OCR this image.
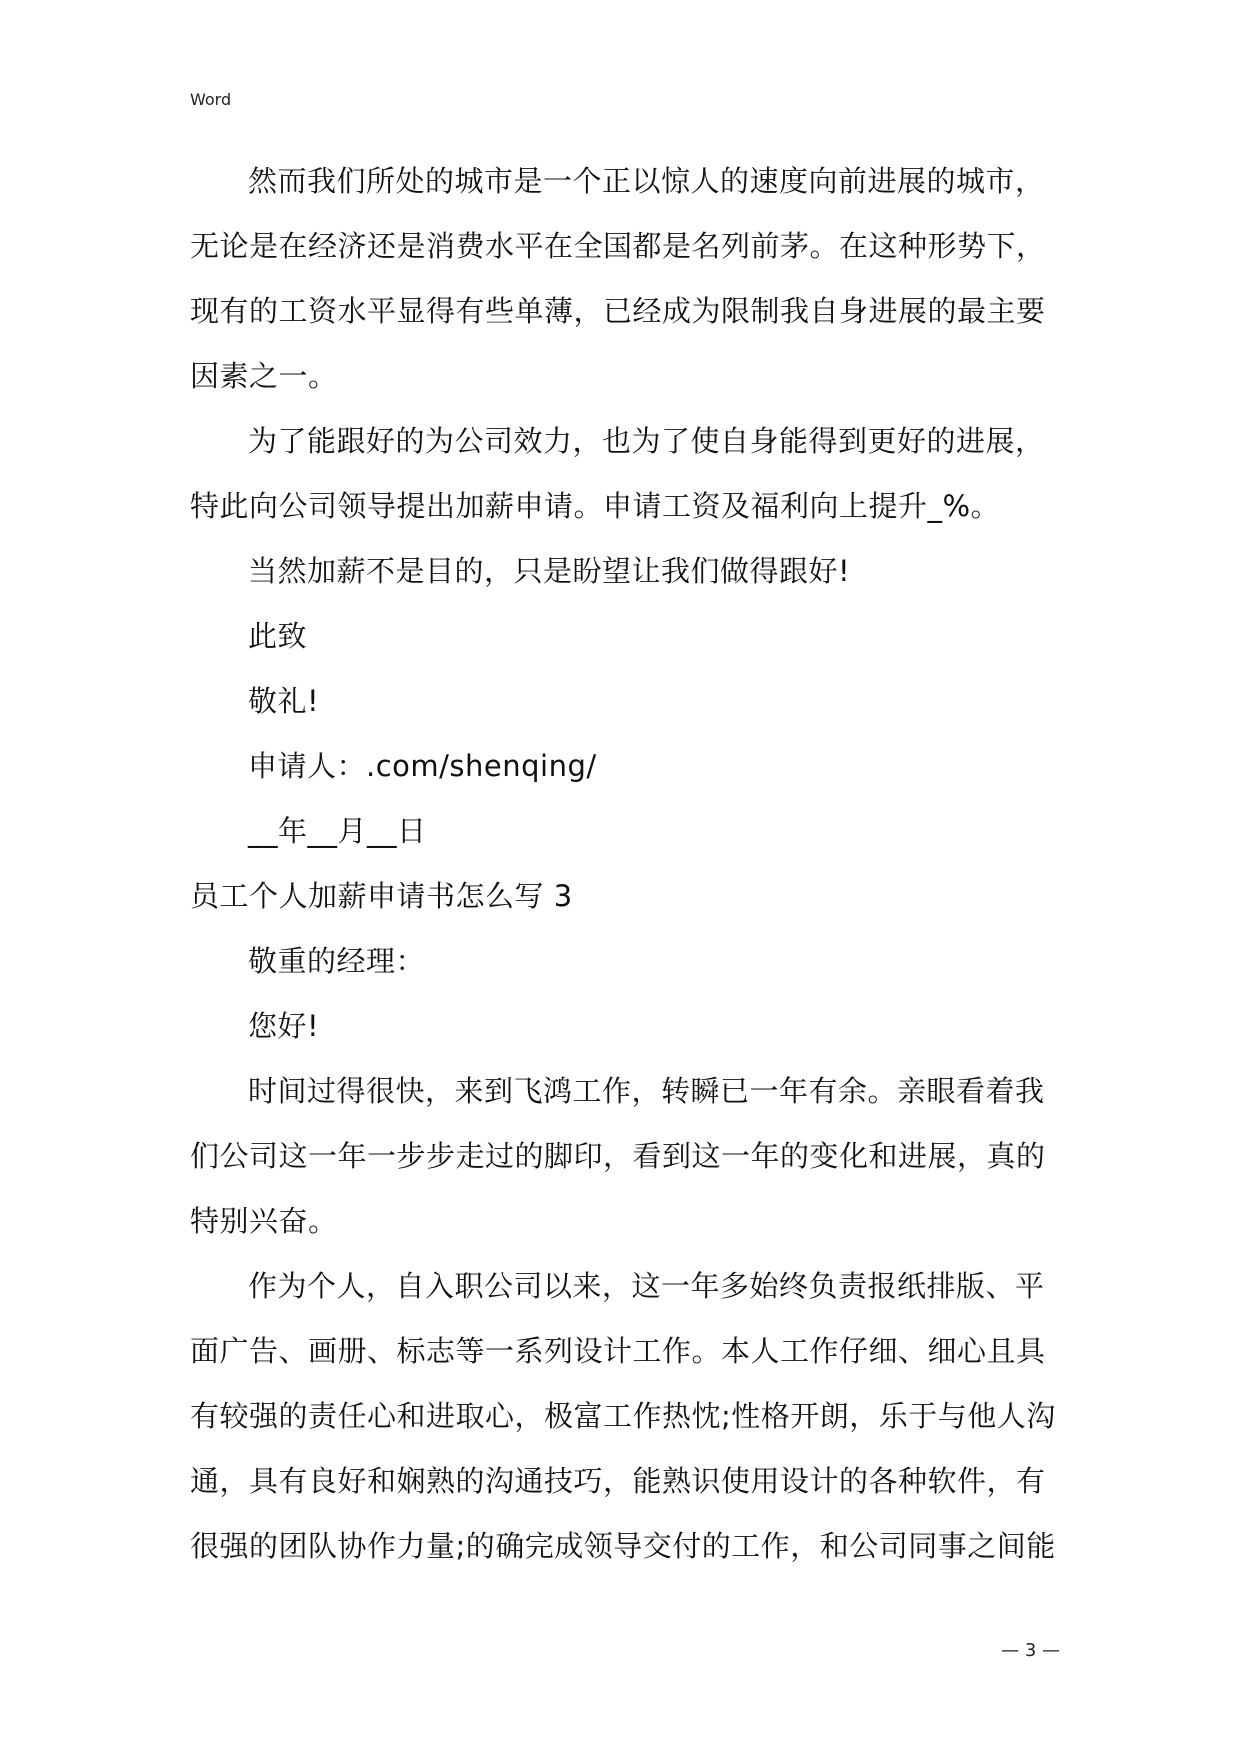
Word
然而我们所处的城市是一个正以惊人的速度向前进展的城市，
无论是在经济还是消费水平在全国都是名列前茅。在这种形势下，
现有的工资水平显得有些单薄，已经成为限制我自身进展的最主要
因素之一。
为了能跟好的为公司效力，也为了使自身能得到更好的进展，
特此向公司领导提出加薪申请。申请工资及福利向上提升_%。
当然加薪不是目的，只是盼望让我们做得跟好!
此致
敬礼!
申请人：.com/shenqing/
__年__月__日
员工个人加薪申请书怎么写 3
敬重的经理：
您好!
时间过得很快，来到飞鸿工作，转瞬已一年有余。亲眼看着我
们公司这一年一步步走过的脚印，看到这一年的变化和进展，真的
特别兴奋。
作为个人，自入职公司以来，这一年多始终负责报纸排版、平
面广告、画册、标志等一系列设计工作。本人工作仔细、细心且具
有较强的责任心和进取心，极富工作热忱;性格开朗，乐于与他人沟
通，具有良好和娴熟的沟通技巧，能熟识使用设计的各种软件，有
很强的团队协作力量;的确完成领导交付的工作，和公司同事之间能
— 3 —
